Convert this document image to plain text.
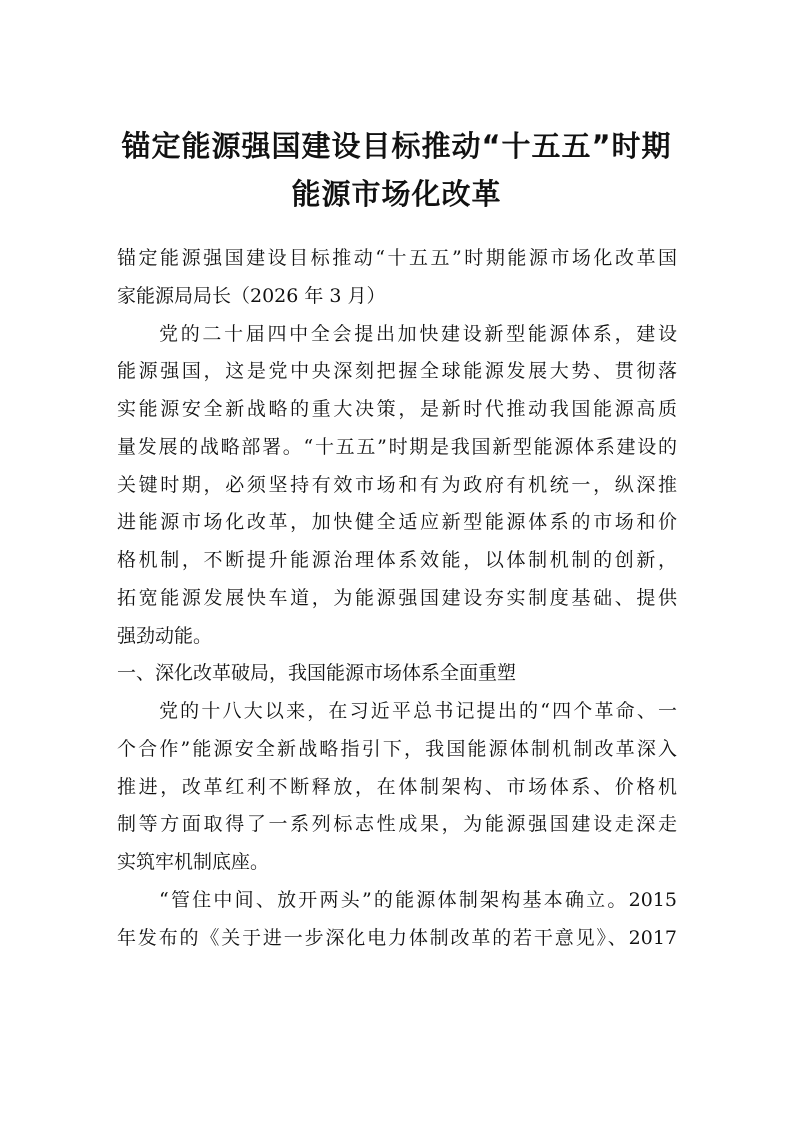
锚定能源强国建设目标推动“十五五”时期
能源市场化改革

锚定能源强国建设目标推动“十五五”时期能源市场化改革国

家能源局局长（2026 年 3 月）

党的二十届四中全会提出加快建设新型能源体系，建设

能源强国，这是党中央深刻把握全球能源发展大势、贯彻落

实能源安全新战略的重大决策，是新时代推动我国能源高质

量发展的战略部署。“十五五”时期是我国新型能源体系建设的

关键时期，必须坚持有效市场和有为政府有机统一，纵深推

进能源市场化改革，加快健全适应新型能源体系的市场和价

格机制，不断提升能源治理体系效能，以体制机制的创新，

拓宽能源发展快车道，为能源强国建设夯实制度基础、提供

强劲动能。

一、深化改革破局，我国能源市场体系全面重塑

党的十八大以来，在习近平总书记提出的“四个革命、一

个合作”能源安全新战略指引下，我国能源体制机制改革深入

推进，改革红利不断释放，在体制架构、市场体系、价格机

制等方面取得了一系列标志性成果，为能源强国建设走深走

实筑牢机制底座。

“管住中间、放开两头”的能源体制架构基本确立。2015

年发布的《关于进一步深化电力体制改革的若干意见》、2017
